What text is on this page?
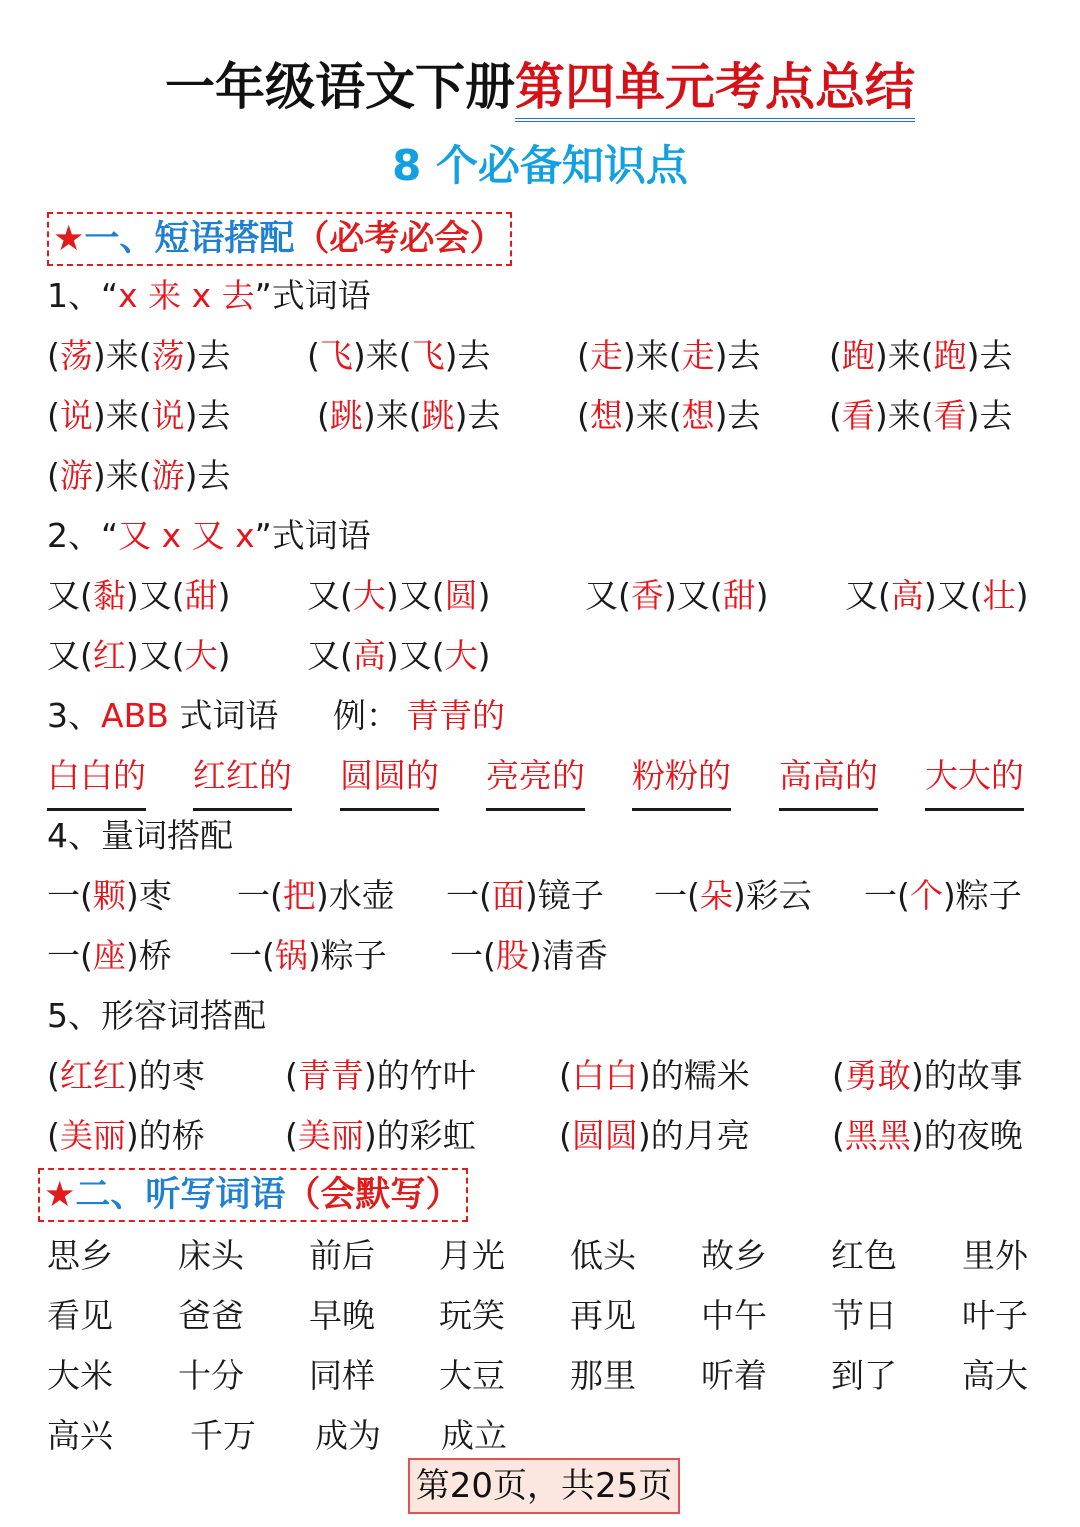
一年级语文下册第四单元考点总结
8 个必备知识点
★一、短语搭配（必考必会）
1、“x 来 x 去”式词语
(荡)来(荡)去 (飞)来(飞)去	(走)来(走)去 (跑)来(跑)去
(说)来(说)去	(跳)来(跳)去 (想)来(想)去 (看)来(看)去
(游)来(游)去
2、“又 x 又 x”式词语
又(黏)又(甜) 又(大)又(圆)	又(香)又(甜) 又(高)又(壮)
又(红)又(大) 又(高)又(大)
3、ABB 式词语 例： 青青的
白白的 红红的 圆圆的 亮亮的 粉粉的 高高的 大大的
4、量词搭配
一(颗)枣 一(把)水壶 一(面)镜子 一(朵)彩云 一(个)粽子
一(座)桥 一(锅)粽子 一(股)清香
5、形容词搭配
(红红)的枣 (青青)的竹叶	(白白)的糯米 (勇敢)的故事
(美丽)的桥 (美丽)的彩虹	(圆圆)的月亮 (黑黑)的夜晚
★二、听写词语（会默写）
思乡 床头 前后 月光 低头 故乡 红色 里外
看见 爸爸 早晚 玩笑 再见 中午 节日 叶子
大米 十分 同样 大豆 那里 听着 到了 高大
高兴 千万 成为 成立
第20页，共25页
